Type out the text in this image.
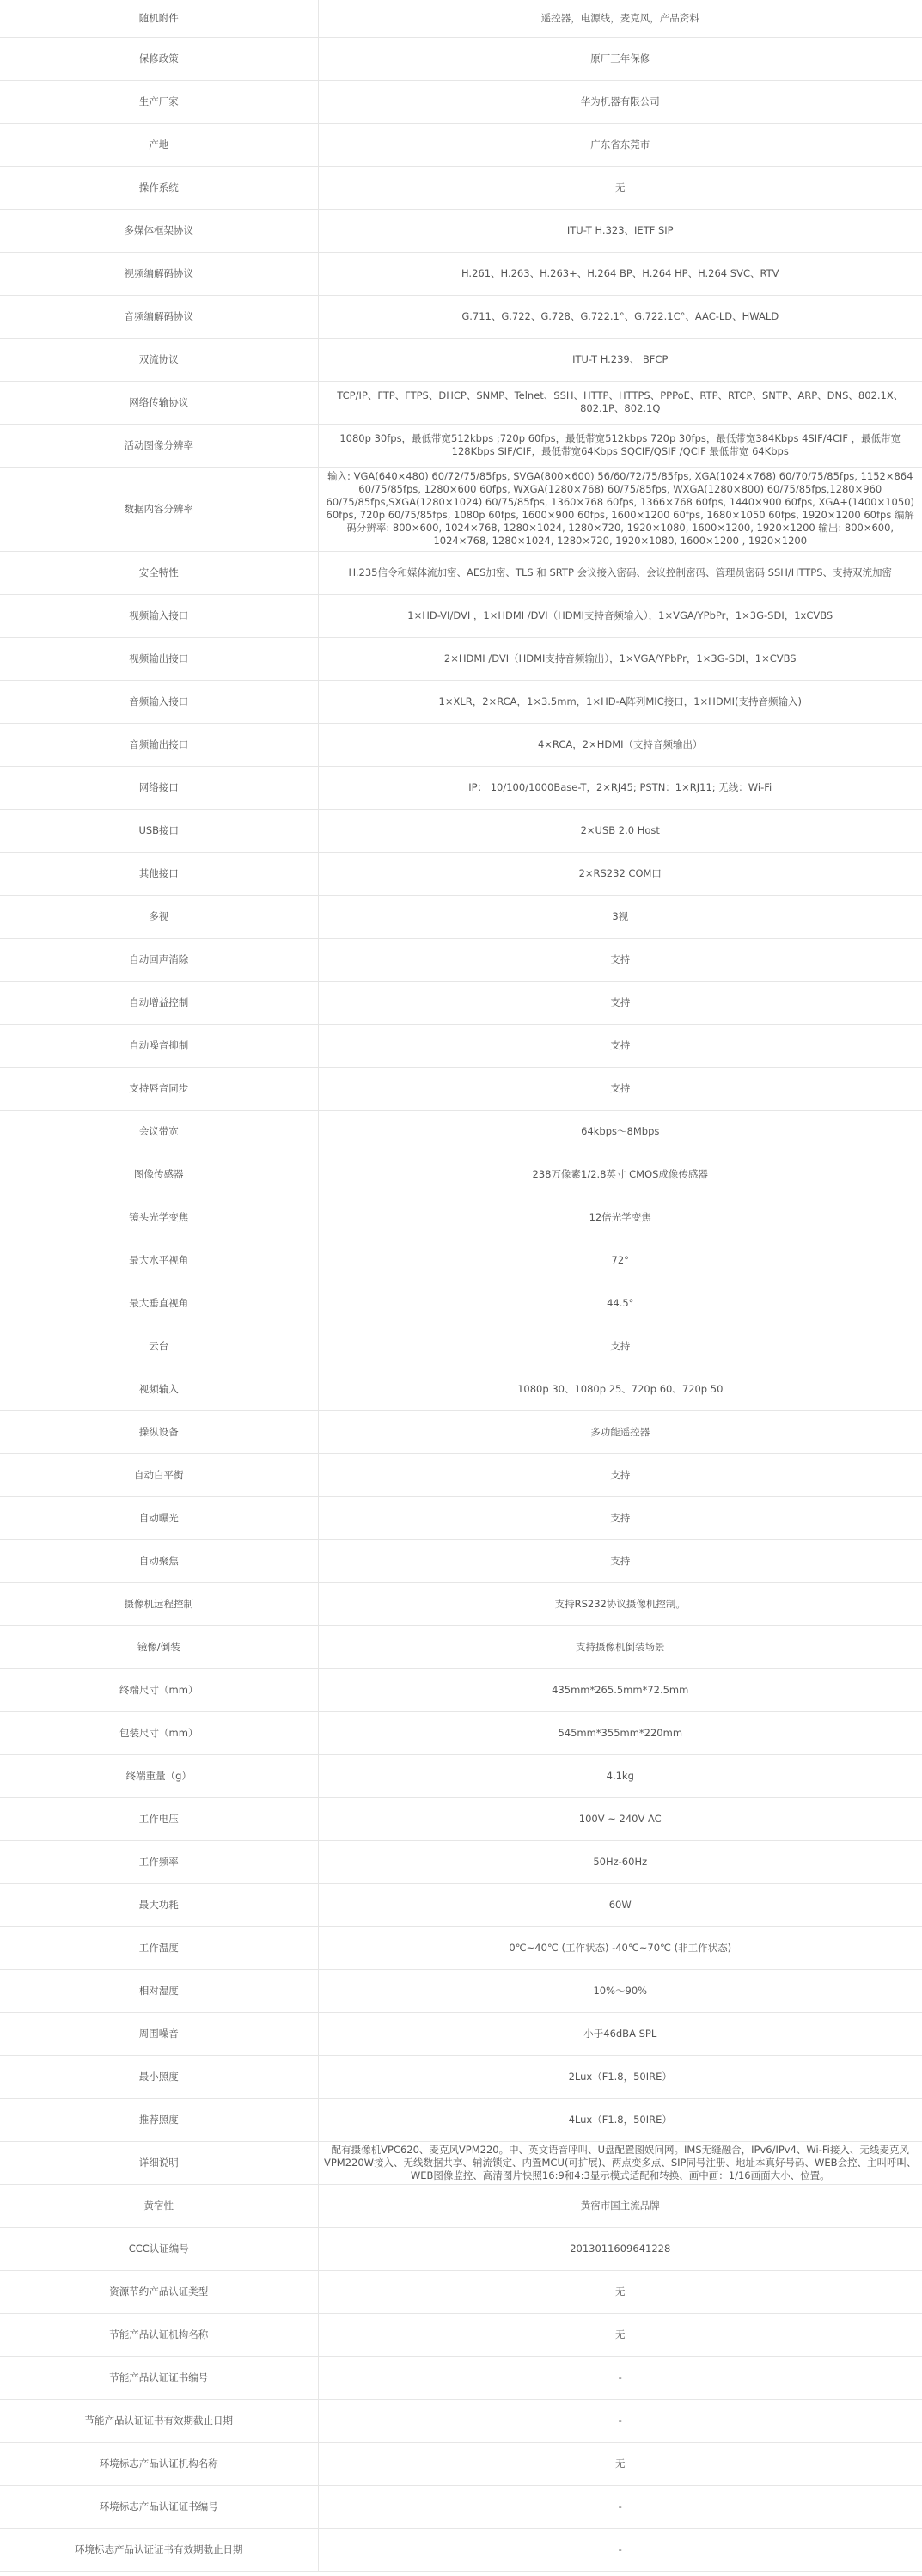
随机附件	遥控器，电源线，麦克风，产品资料
保修政策	原厂三年保修
生产厂家	华为机器有限公司
产地	广东省东莞市
操作系统	无
多媒体框架协议	ITU-T H.323、IETF SIP
视频编解码协议	H.261、H.263、H.263+、H.264 BP、H.264 HP、H.264 SVC、RTV
音频编解码协议	G.711、G.722、G.728、G.722.1°、G.722.1C°、AAC-LD、HWALD
双流协议	ITU-T H.239、 BFCP
网络传输协议	TCP/IP、FTP、FTPS、DHCP、SNMP、Telnet、SSH、HTTP、HTTPS、PPPoE、RTP、RTCP、SNTP、ARP、DNS、802.1X、802.1P、802.1Q
活动图像分辨率	1080p 30fps，最低带宽512kbps ;720p 60fps，最低带宽512kbps 720p 30fps，最低带宽384Kbps 4SIF/4CIF ，最低带宽128Kbps SIF/CIF，最低带宽64Kbps SQCIF/QSIF /QCIF 最低带宽 64Kbps
数据内容分辨率	输入: VGA(640×480) 60/72/75/85fps, SVGA(800×600) 56/60/72/75/85fps, XGA(1024×768) 60/70/75/85fps, 1152×864 60/75/85fps, 1280×600 60fps, WXGA(1280×768) 60/75/85fps, WXGA(1280×800) 60/75/85fps,1280×960 60/75/85fps,SXGA(1280×1024) 60/75/85fps, 1360×768 60fps, 1366×768 60fps, 1440×900 60fps, XGA+(1400×1050) 60fps, 720p 60/75/85fps, 1080p 60fps, 1600×900 60fps, 1600×1200 60fps, 1680×1050 60fps, 1920×1200 60fps 编解码分辨率: 800×600, 1024×768, 1280×1024, 1280×720, 1920×1080, 1600×1200, 1920×1200 输出: 800×600, 1024×768, 1280×1024, 1280×720, 1920×1080, 1600×1200 , 1920×1200
安全特性	H.235信令和媒体流加密、AES加密、TLS 和 SRTP 会议接入密码、会议控制密码、管理员密码 SSH/HTTPS、支持双流加密
视频输入接口	1×HD-VI/DVI ，1×HDMI /DVI（HDMI支持音频输入），1×VGA/YPbPr，1×3G-SDI，1xCVBS
视频输出接口	2×HDMI /DVI（HDMI支持音频输出），1×VGA/YPbPr，1×3G-SDI，1×CVBS
音频输入接口	1×XLR，2×RCA，1×3.5mm，1×HD-A阵列MIC接口，1×HDMI(支持音频输入)
音频输出接口	4×RCA，2×HDMI（支持音频输出）
网络接口	IP： 10/100/1000Base-T，2×RJ45; PSTN：1×RJ11; 无线：Wi-Fi
USB接口	2×USB 2.0 Host
其他接口	2×RS232 COM口
多视	3视
自动回声消除	支持
自动增益控制	支持
自动噪音抑制	支持
支持唇音同步	支持
会议带宽	64kbps～8Mbps
图像传感器	238万像素1/2.8英寸 CMOS成像传感器
镜头光学变焦	12倍光学变焦
最大水平视角	72°
最大垂直视角	44.5°
云台	支持
视频输入	1080p 30、1080p 25、720p 60、720p 50
操纵设备	多功能遥控器
自动白平衡	支持
自动曝光	支持
自动聚焦	支持
摄像机远程控制	支持RS232协议摄像机控制。
镜像/倒装	支持摄像机倒装场景
终端尺寸（mm）	435mm*265.5mm*72.5mm
包装尺寸（mm）	545mm*355mm*220mm
终端重量（g）	4.1kg
工作电压	100V ~ 240V AC
工作频率	50Hz-60Hz
最大功耗	60W
工作温度	0℃~40℃ (工作状态) -40℃~70℃ (非工作状态)
相对湿度	10%～90%
周围噪音	小于46dBA SPL
最小照度	2Lux（F1.8，50IRE）
推荐照度	4Lux（F1.8，50IRE）
详细说明	配有摄像机VPC620、麦克风VPM220。中、英文语音呼叫、U盘配置图娱问网。IMS无缝融合，IPv6/IPv4、Wi-Fi接入、无线麦克风VPM220W接入、无线数据共享、辅流锁定、内置MCU(可扩展)、两点变多点、SIP同号注册、地址本真好号码、WEB会控、主叫呼叫、WEB图像监控、高清图片快照16:9和4:3显示模式适配和转换、画中画：1/16画面大小、位置。
黄宿性	黄宿市国主流品牌
CCC认证编号	2013011609641228
资源节约产品认证类型	无
节能产品认证机构名称	无
节能产品认证证书编号	-
节能产品认证证书有效期截止日期	-
环境标志产品认证机构名称	无
环境标志产品认证证书编号	-
环境标志产品认证证书有效期截止日期	-
